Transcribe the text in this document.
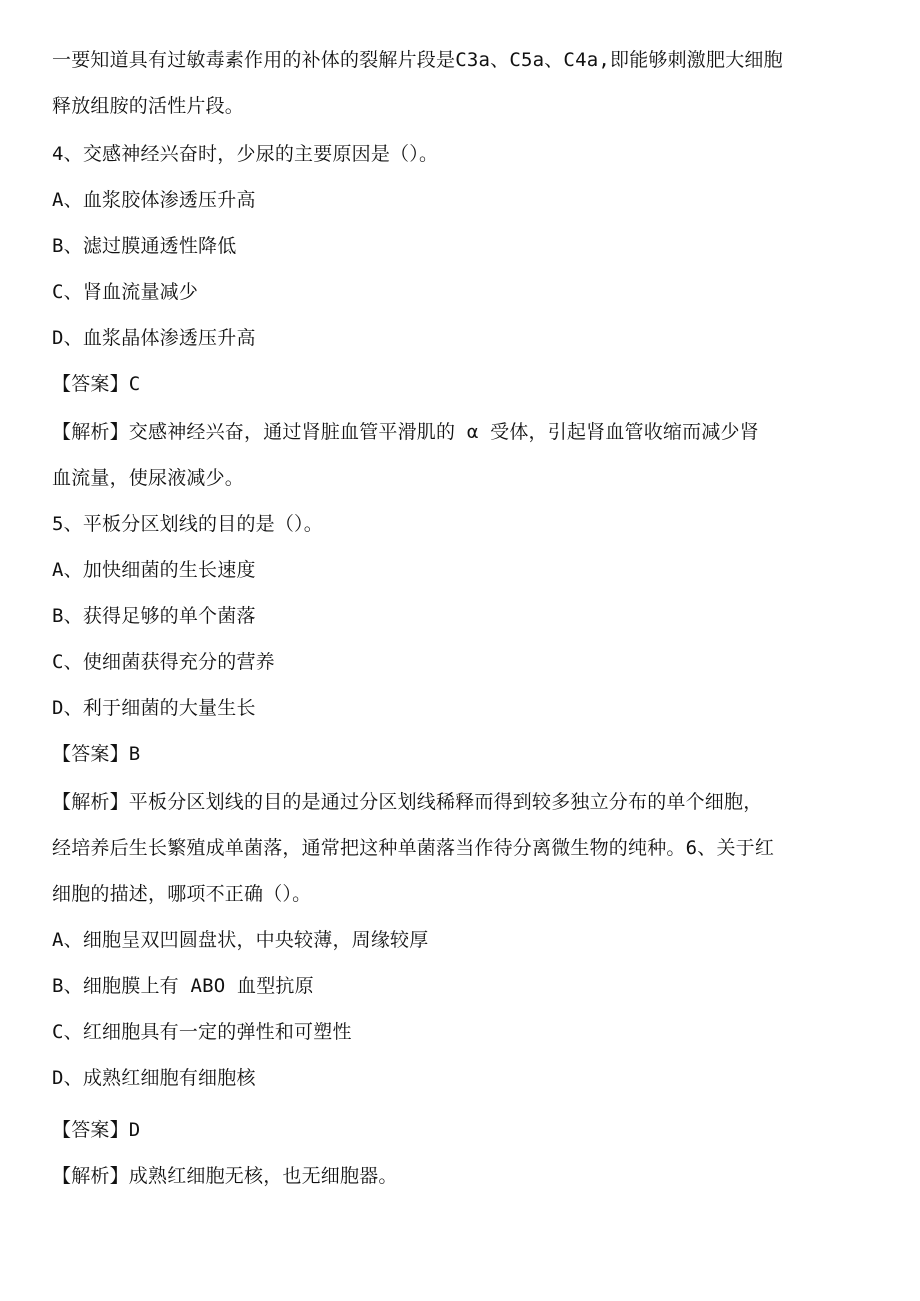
一要知道具有过敏毒素作用的补体的裂解片段是C3a、C5a、C4a,即能够刺激肥大细胞
释放组胺的活性片段。
4、交感神经兴奋时，少尿的主要原因是（）。
A、血浆胶体渗透压升高
B、滤过膜通透性降低
C、肾血流量减少
D、血浆晶体渗透压升高
【答案】C
【解析】交感神经兴奋，通过肾脏血管平滑肌的 α 受体，引起肾血管收缩而减少肾
血流量，使尿液减少。
5、平板分区划线的目的是（）。
A、加快细菌的生长速度
B、获得足够的单个菌落
C、使细菌获得充分的营养
D、利于细菌的大量生长
【答案】B
【解析】平板分区划线的目的是通过分区划线稀释而得到较多独立分布的单个细胞，
经培养后生长繁殖成单菌落，通常把这种单菌落当作待分离微生物的纯种。6、关于红
细胞的描述，哪项不正确（）。
A、细胞呈双凹圆盘状，中央较薄，周缘较厚
B、细胞膜上有 ABO 血型抗原
C、红细胞具有一定的弹性和可塑性
D、成熟红细胞有细胞核
【答案】D
【解析】成熟红细胞无核，也无细胞器。
